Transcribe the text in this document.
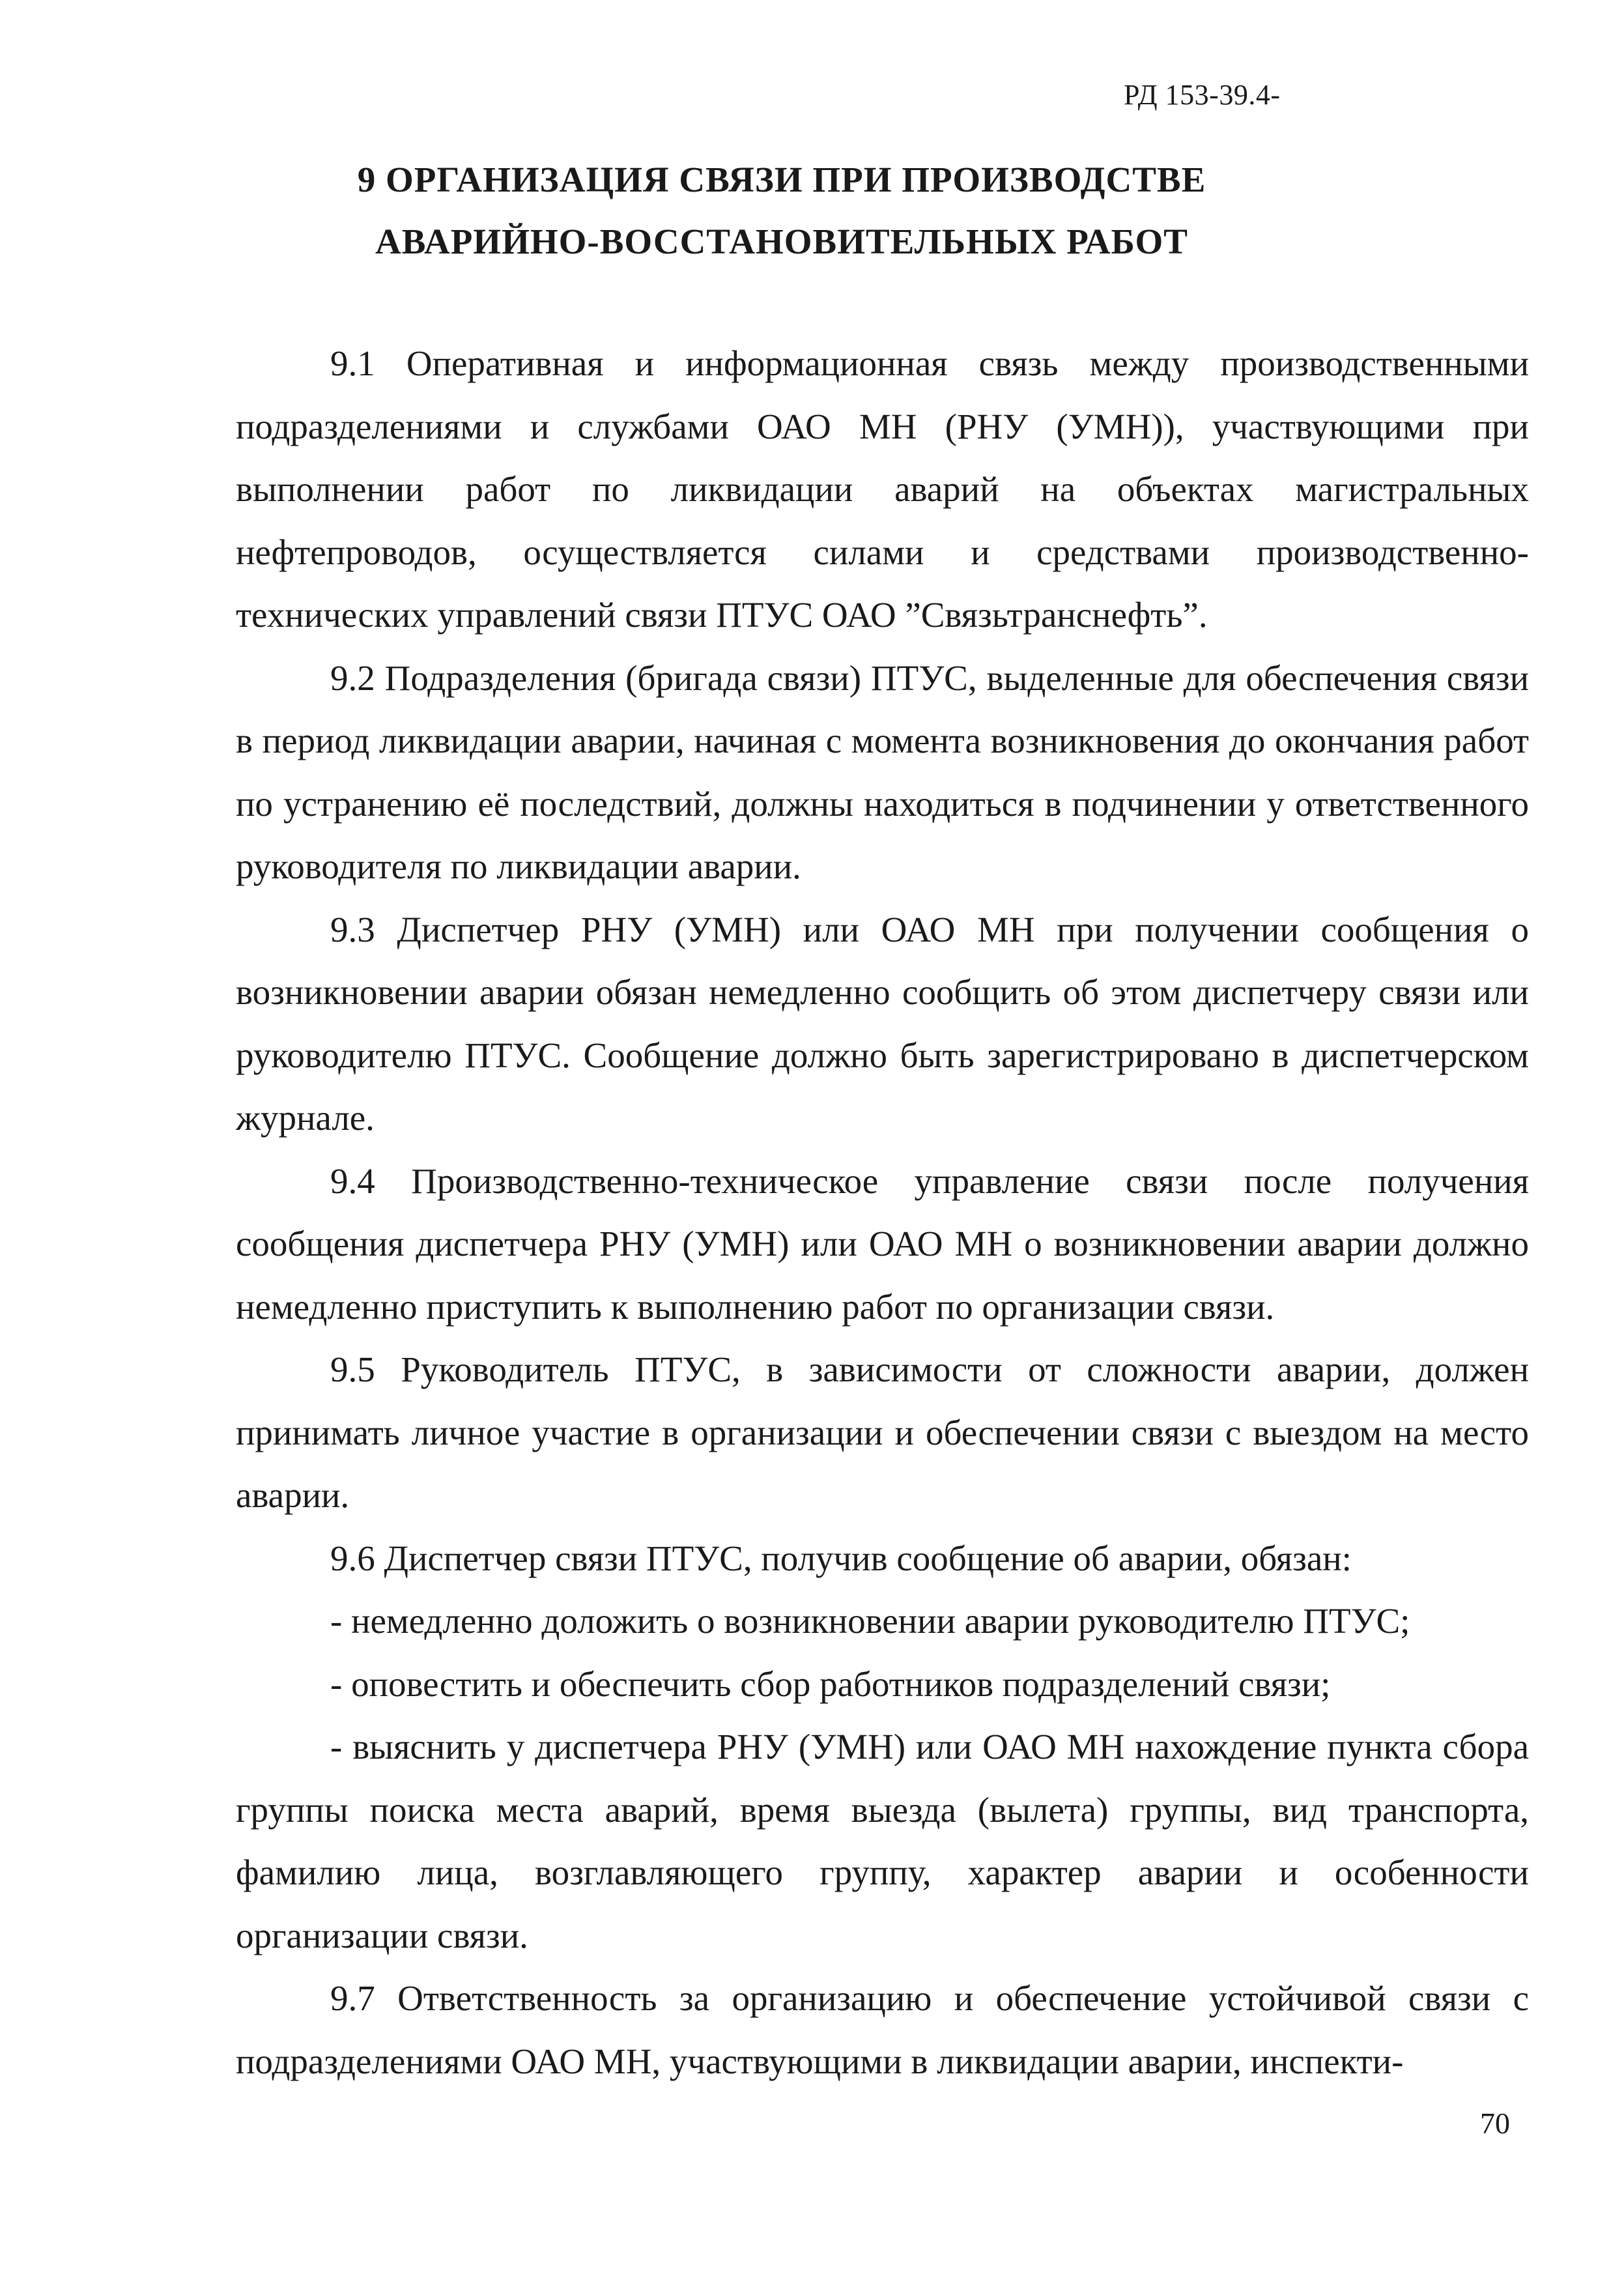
РД 153-39.4-
9 ОРГАНИЗАЦИЯ СВЯЗИ ПРИ ПРОИЗВОДСТВЕ
АВАРИЙНО-ВОССТАНОВИТЕЛЬНЫХ РАБОТ

9.1 Оперативная и информационная связь между производственными подразделениями и службами ОАО МН (РНУ (УМН)), участвующими при выполнении работ по ликвидации аварий на объектах магистральных нефтепроводов, осуществляется силами и средствами производственно-технических управлений связи ПТУС ОАО ”Связьтранснефть”.

9.2 Подразделения (бригада связи) ПТУС, выделенные для обеспечения связи в период ликвидации аварии, начиная с момента возникновения до окончания работ по устранению её последствий, должны находиться в подчинении у ответственного руководителя по ликвидации аварии.

9.3 Диспетчер РНУ (УМН) или ОАО МН при получении сообщения о возникновении аварии обязан немедленно сообщить об этом диспетчеру связи или руководителю ПТУС. Сообщение должно быть зарегистрировано в диспетчерском журнале.

9.4 Производственно-техническое управление связи после получения сообщения диспетчера РНУ (УМН) или ОАО МН о возникновении аварии должно немедленно приступить к выполнению работ по организации связи.

9.5 Руководитель ПТУС, в зависимости от сложности аварии, должен принимать личное участие в организации и обеспечении связи с выездом на место аварии.

9.6 Диспетчер связи ПТУС, получив сообщение об аварии, обязан:

- немедленно доложить о возникновении аварии руководителю ПТУС;

- оповестить и обеспечить сбор работников подразделений связи;

- выяснить у диспетчера РНУ (УМН) или ОАО МН нахождение пункта сбора группы поиска места аварий, время выезда (вылета) группы, вид транспорта, фамилию лица, возглавляющего группу, характер аварии и особенности организации связи.

9.7 Ответственность за организацию и обеспечение устойчивой связи с подразделениями ОАО МН, участвующими в ликвидации аварии, инспекти-

70
